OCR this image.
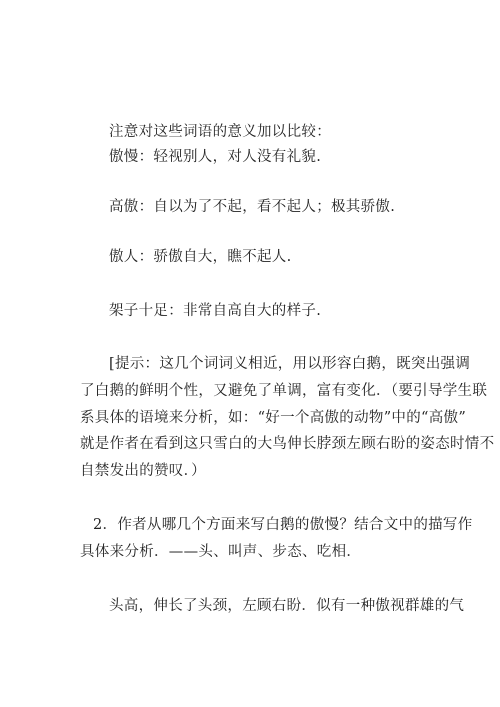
注意对这些词语的意义加以比较：
傲慢：轻视别人，对人没有礼貌.
高傲：自以为了不起，看不起人；极其骄傲.
傲人：骄傲自大，瞧不起人.
架子十足：非常自高自大的样子.
[提示：这几个词词义相近，用以形容白鹅，既突出强调
了白鹅的鲜明个性，又避免了单调，富有变化．（要引导学生联
系具体的语境来分析，如：“好一个高傲的动物”中的“高傲”
就是作者在看到这只雪白的大鸟伸长脖颈左顾右盼的姿态时情不
自禁发出的赞叹．）
2．作者从哪几个方面来写白鹅的傲慢？结合文中的描写作
具体来分析．——头、叫声、步态、吃相．
头高，伸长了头颈，左顾右盼．似有一种傲视群雄的气
